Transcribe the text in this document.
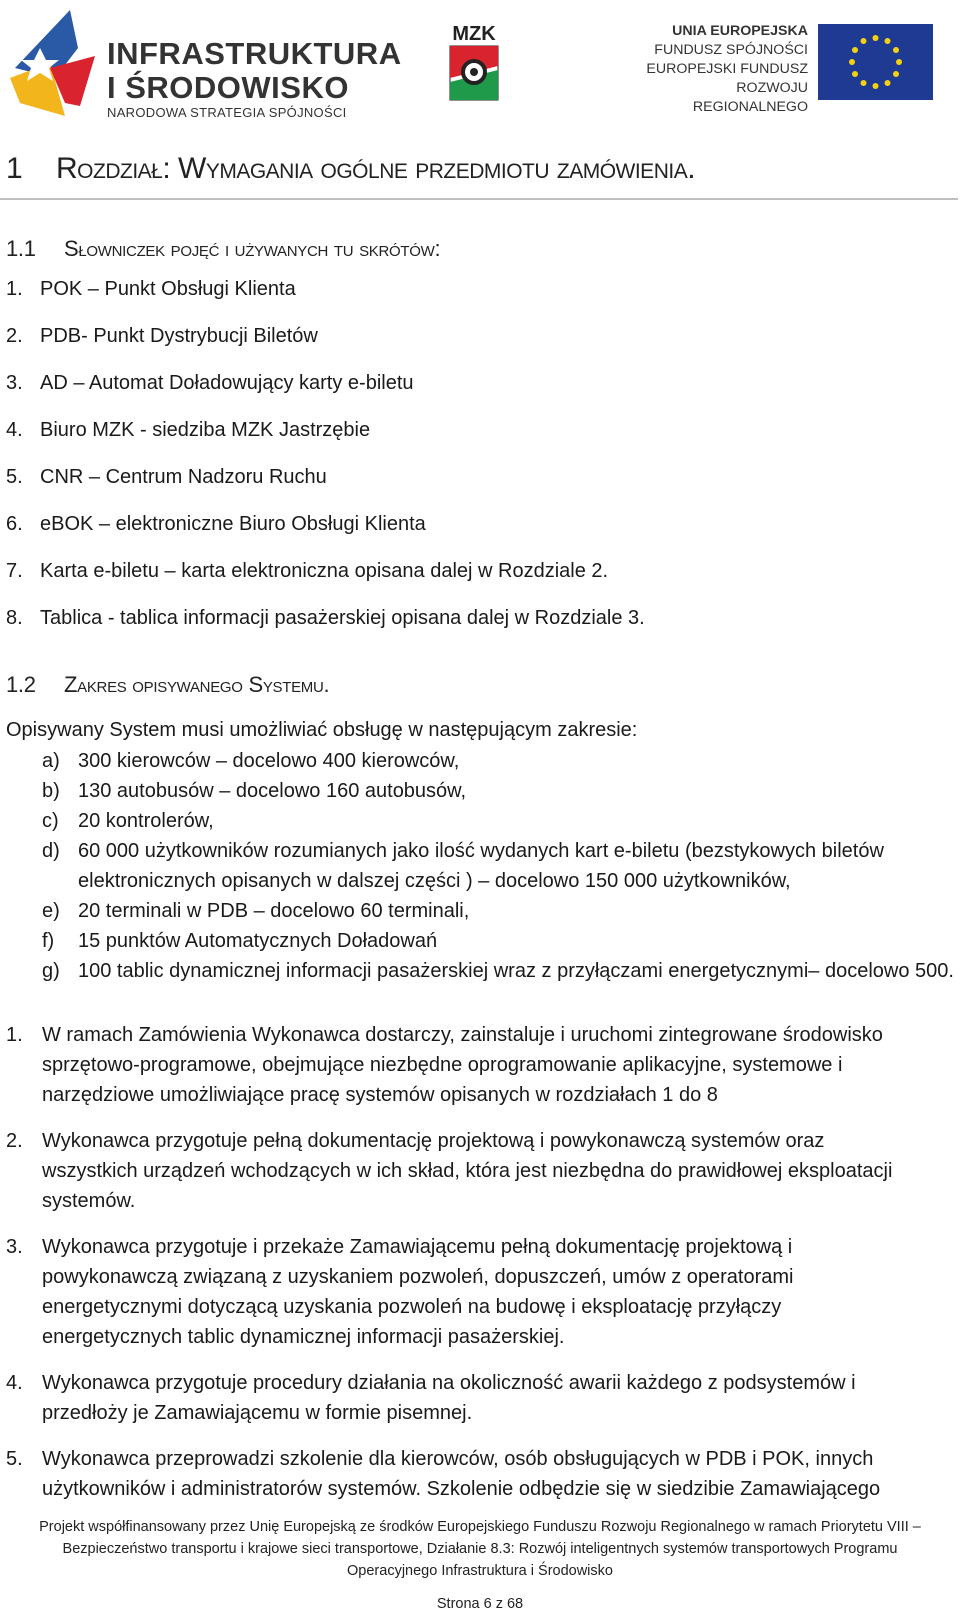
INFRASTRUKTURA
I ŚRODOWISKO
NARODOWA STRATEGIA SPÓJNOŚCI
MZK	UNIA EUROPEJSKA
FUNDUSZ SPÓJNOŚCI
EUROPEJSKI FUNDUSZ
ROZWOJU REGIONALNEGO
1 Rozdział: Wymagania ogólne przedmiotu zamówienia.
1.1 Słowniczek pojęć i używanych tu skrótów:
1. POK – Punkt Obsługi Klienta
2. PDB- Punkt Dystrybucji Biletów
3. AD – Automat Doładowujący karty e-biletu
4. Biuro MZK - siedziba MZK Jastrzębie
5. CNR – Centrum Nadzoru Ruchu
6. eBOK – elektroniczne Biuro Obsługi Klienta
7. Karta e-biletu – karta elektroniczna opisana dalej w Rozdziale 2.
8. Tablica - tablica informacji pasażerskiej opisana dalej w Rozdziale 3.
1.2 Zakres opisywanego Systemu.
Opisywany System musi umożliwiać obsługę w następującym zakresie:
a) 300 kierowców – docelowo 400 kierowców,
b) 130 autobusów – docelowo 160 autobusów,
c) 20 kontrolerów,
d) 60 000 użytkowników rozumianych jako ilość wydanych kart e-biletu (bezstykowych biletów elektronicznych opisanych w dalszej części ) – docelowo 150 000 użytkowników,
e) 20 terminali w PDB – docelowo 60 terminali,
f) 15 punktów Automatycznych Doładowań
g) 100 tablic dynamicznej informacji pasażerskiej wraz z przyłączami energetycznymi– docelowo 500.
1. W ramach Zamówienia Wykonawca dostarczy, zainstaluje i uruchomi zintegrowane środowisko sprzętowo-programowe, obejmujące niezbędne oprogramowanie aplikacyjne, systemowe i narzędziowe umożliwiające pracę systemów opisanych w rozdziałach 1 do 8
2. Wykonawca przygotuje pełną dokumentację projektową i powykonawczą systemów oraz wszystkich urządzeń wchodzących w ich skład, która jest niezbędna do prawidłowej eksploatacji systemów.
3. Wykonawca przygotuje i przekaże Zamawiającemu pełną dokumentację projektową i powykonawczą związaną z uzyskaniem pozwoleń, dopuszczeń, umów z operatorami energetycznymi dotyczącą uzyskania pozwoleń na budowę i eksploatację przyłączy energetycznych tablic dynamicznej informacji pasażerskiej.
4. Wykonawca przygotuje procedury działania na okoliczność awarii każdego z podsystemów i przedłoży je Zamawiającemu w formie pisemnej.
5. Wykonawca przeprowadzi szkolenie dla kierowców, osób obsługujących w PDB i POK, innych użytkowników i administratorów systemów. Szkolenie odbędzie się w siedzibie Zamawiającego
Projekt współfinansowany przez Unię Europejską ze środków Europejskiego Funduszu Rozwoju Regionalnego w ramach Priorytetu VIII –
Bezpieczeństwo transportu i krajowe sieci transportowe, Działanie 8.3: Rozwój inteligentnych systemów transportowych Programu
Operacyjnego Infrastruktura i Środowisko
Strona 6 z 68
